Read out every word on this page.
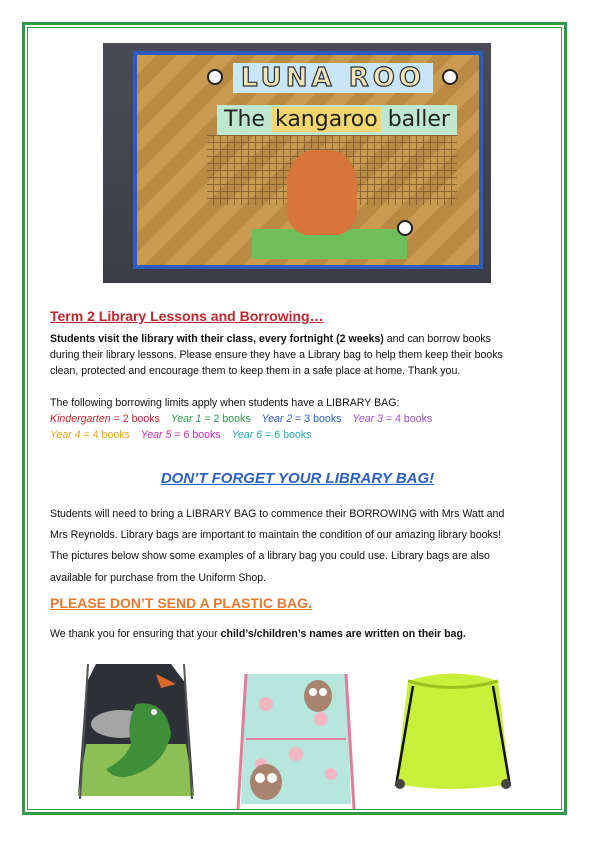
LUNA ROO
The kangaroo baller
Term 2 Library Lessons and Borrowing…
Students visit the library with their class, every fortnight (2 weeks) and can borrow books
during their library lessons. Please ensure they have a Library bag to help them keep their books
clean, protected and encourage them to keep them in a safe place at home. Thank you.
The following borrowing limits apply when students have a LIBRARY BAG:
Kindergarten = 2 books Year 1 = 2 books Year 2 = 3 books Year 3 = 4 books
Year 4 = 4 books Year 5 = 6 books Year 6 = 6 books
DON’T FORGET YOUR LIBRARY BAG!
Students will need to bring a LIBRARY BAG to commence their BORROWING with Mrs Watt and
Mrs Reynolds. Library bags are important to maintain the condition of our amazing library books!
The pictures below show some examples of a library bag you could use. Library bags are also
available for purchase from the Uniform Shop.
PLEASE DON’T SEND A PLASTIC BAG.
We thank you for ensuring that your child’s/children’s names are written on their bag.
